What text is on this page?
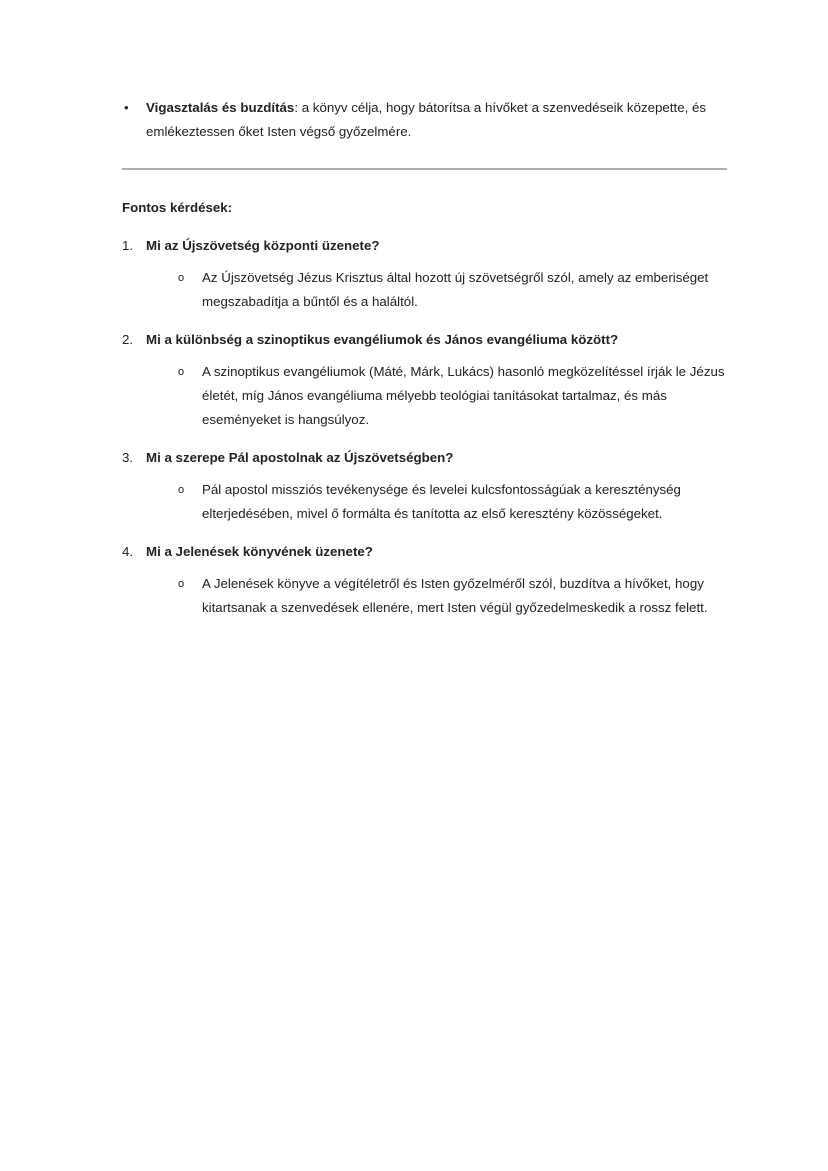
• Vigasztalás és buzdítás: a könyv célja, hogy bátorítsa a hívőket a szenvedéseik közepette, és emlékeztessen őket Isten végső győzelmére.
Fontos kérdések:
1. Mi az Újszövetség központi üzenete?
o Az Újszövetség Jézus Krisztus által hozott új szövetségről szól, amely az emberiséget megszabadítja a bűntől és a haláltól.
2. Mi a különbség a szinoptikus evangéliumok és János evangéliuma között?
o A szinoptikus evangéliumok (Máté, Márk, Lukács) hasonló megközelítéssel írják le Jézus életét, míg János evangéliuma mélyebb teológiai tanításokat tartalmaz, és más eseményeket is hangsúlyoz.
3. Mi a szerepe Pál apostolnak az Újszövetségben?
o Pál apostol missziós tevékenysége és levelei kulcsfontosságúak a kereszténység elterjedésében, mivel ő formálta és tanította az első keresztény közösségeket.
4. Mi a Jelenések könyvének üzenete?
o A Jelenések könyve a végítéletről és Isten győzelméről szól, buzdítva a hívőket, hogy kitartsanak a szenvedések ellenére, mert Isten végül győzedelmeskedik a rossz felett.
